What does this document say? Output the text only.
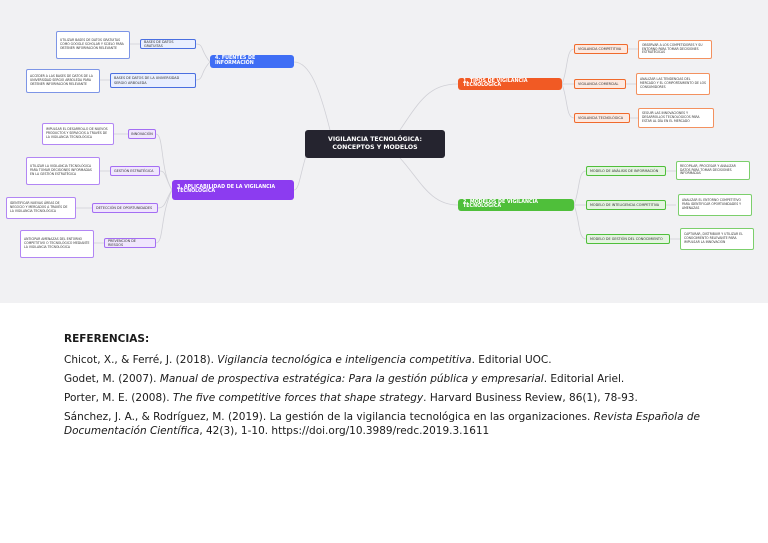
VIGILANCIA TECNOLÓGICA: CONCEPTOS Y MODELOS
1. TIPOS DE VIGILANCIA TECNOLÓGICA
VIGILANCIA COMPETITIVA
VIGILANCIA COMERCIAL
VIGILANCIA TECNOLÓGICA
OBSERVAR A LOS COMPETIDORES Y SU ENTORNO PARA TOMAR DECISIONES ESTRATÉGICAS
ANALIZAR LAS TENDENCIAS DEL MERCADO Y EL COMPORTAMIENTO DE LOS CONSUMIDORES
SEGUIR LAS INNOVACIONES Y DESARROLLOS TECNOLÓGICOS PARA ESTAR AL DÍA EN EL MERCADO
2. MODELOS DE VIGILANCIA TECNOLÓGICA
MODELO DE ANÁLISIS DE INFORMACIÓN
MODELO DE INTELIGENCIA COMPETITIVA
MODELO DE GESTIÓN DEL CONOCIMIENTO
RECOPILAR, PROCESAR Y ANALIZAR DATOS PARA TOMAR DECISIONES INFORMADAS
ANALIZAR EL ENTORNO COMPETITIVO PARA IDENTIFICAR OPORTUNIDADES Y AMENAZAS
CAPTURAR, DISTRIBUIR Y UTILIZAR EL CONOCIMIENTO RELEVANTE PARA IMPULSAR LA INNOVACIÓN
3. APLICABILIDAD DE LA VIGILANCIA TECNOLÓGICA
INNOVACIÓN
GESTIÓN ESTRATÉGICA
DETECCIÓN DE OPORTUNIDADES
PREVENCIÓN DE RIESGOS
IMPULSAR EL DESARROLLO DE NUEVOS PRODUCTOS Y SERVICIOS A TRAVÉS DE LA VIGILANCIA TECNOLÓGICA
UTILIZAR LA VIGILANCIA TECNOLÓGICA PARA TOMAR DECISIONES INFORMADAS EN LA GESTIÓN ESTRATÉGICA
IDENTIFICAR NUEVAS ÁREAS DE NEGOCIO Y MERCADOS A TRAVÉS DE LA VIGILANCIA TECNOLÓGICA
ANTICIPAR AMENAZAS DEL ENTORNO COMPETITIVO O TECNOLÓGICO MEDIANTE LA VIGILANCIA TECNOLÓGICA
4. FUENTES DE INFORMACIÓN
BASES DE DATOS GRATUITAS
BASES DE DATOS DE LA UNIVERSIDAD SERGIO ARBOLEDA
UTILIZAR BASES DE DATOS GRATUITAS COMO GOOGLE SCHOLAR Y SCIELO PARA OBTENER INFORMACIÓN RELEVANTE
ACCEDER A LAS BASES DE DATOS DE LA UNIVERSIDAD SERGIO ARBOLEDA PARA OBTENER INFORMACIÓN RELEVANTE
REFERENCIAS:
Chicot, X., & Ferré, J. (2018). Vigilancia tecnológica e inteligencia competitiva. Editorial UOC.
Godet, M. (2007). Manual de prospectiva estratégica: Para la gestión pública y empresarial. Editorial Ariel.
Porter, M. E. (2008). The five competitive forces that shape strategy. Harvard Business Review, 86(1), 78-93.
Sánchez, J. A., & Rodríguez, M. (2019). La gestión de la vigilancia tecnológica en las organizaciones. Revista Española de Documentación Científica, 42(3), 1-10. https://doi.org/10.3989/redc.2019.3.1611
